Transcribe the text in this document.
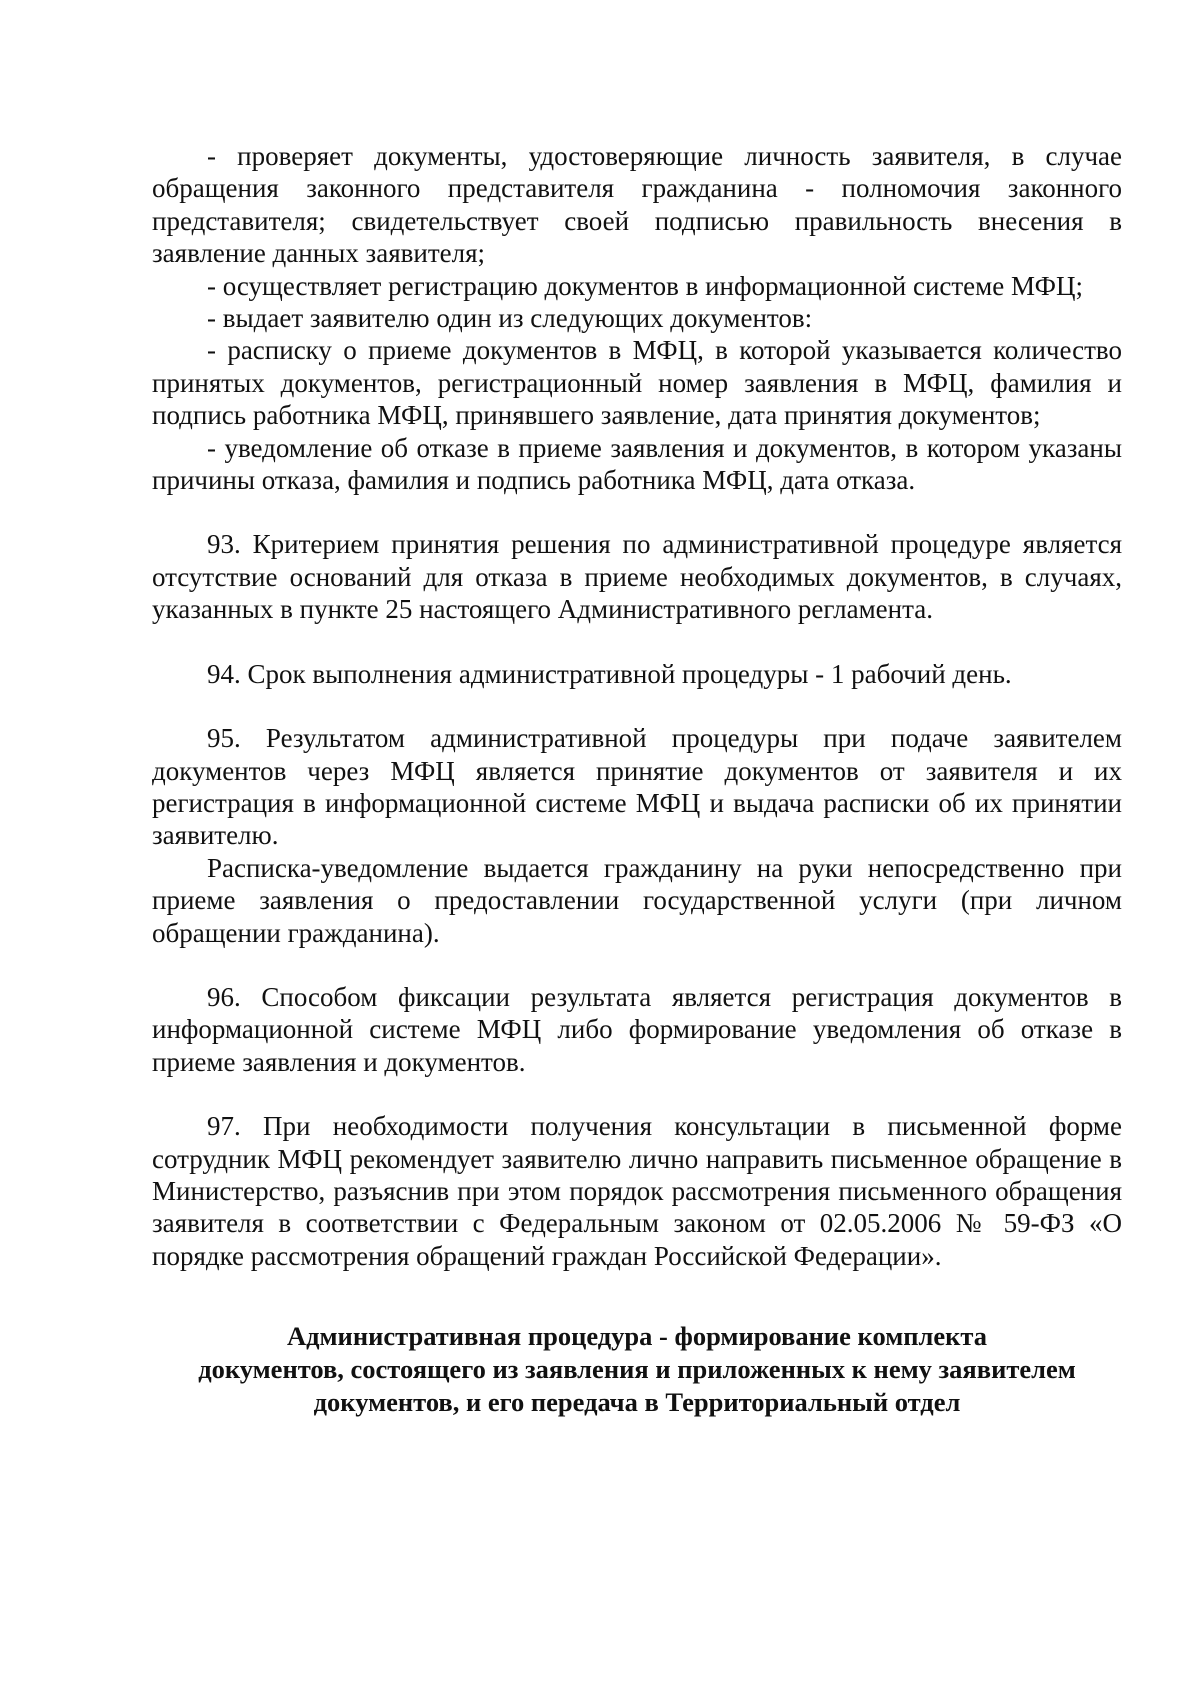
- проверяет документы, удостоверяющие личность заявителя, в случае обращения законного представителя гражданина - полномочия законного представителя; свидетельствует своей подписью правильность внесения в заявление данных заявителя;

- осуществляет регистрацию документов в информационной системе МФЦ;

- выдает заявителю один из следующих документов:

- расписку о приеме документов в МФЦ, в которой указывается количество принятых документов, регистрационный номер заявления в МФЦ, фамилия и подпись работника МФЦ, принявшего заявление, дата принятия документов;

- уведомление об отказе в приеме заявления и документов, в котором указаны причины отказа, фамилия и подпись работника МФЦ, дата отказа.

93. Критерием принятия решения по административной процедуре является отсутствие оснований для отказа в приеме необходимых документов, в случаях, указанных в пункте 25 настоящего Административного регламента.

94. Срок выполнения административной процедуры - 1 рабочий день.

95. Результатом административной процедуры при подаче заявителем документов через МФЦ является принятие документов от заявителя и их регистрация в информационной системе МФЦ и выдача расписки об их принятии заявителю.

Расписка-уведомление выдается гражданину на руки непосредственно при приеме заявления о предоставлении государственной услуги (при личном обращении гражданина).

96. Способом фиксации результата является регистрация документов в информационной системе МФЦ либо формирование уведомления об отказе в приеме заявления и документов.

97. При необходимости получения консультации в письменной форме сотрудник МФЦ рекомендует заявителю лично направить письменное обращение в Министерство, разъяснив при этом порядок рассмотрения письменного обращения заявителя в соответствии с Федеральным законом от 02.05.2006 № 59-ФЗ «О порядке рассмотрения обращений граждан Российской Федерации».

Административная процедура - формирование комплекта
документов, состоящего из заявления и приложенных к нему заявителем
документов, и его передача в Территориальный отдел
